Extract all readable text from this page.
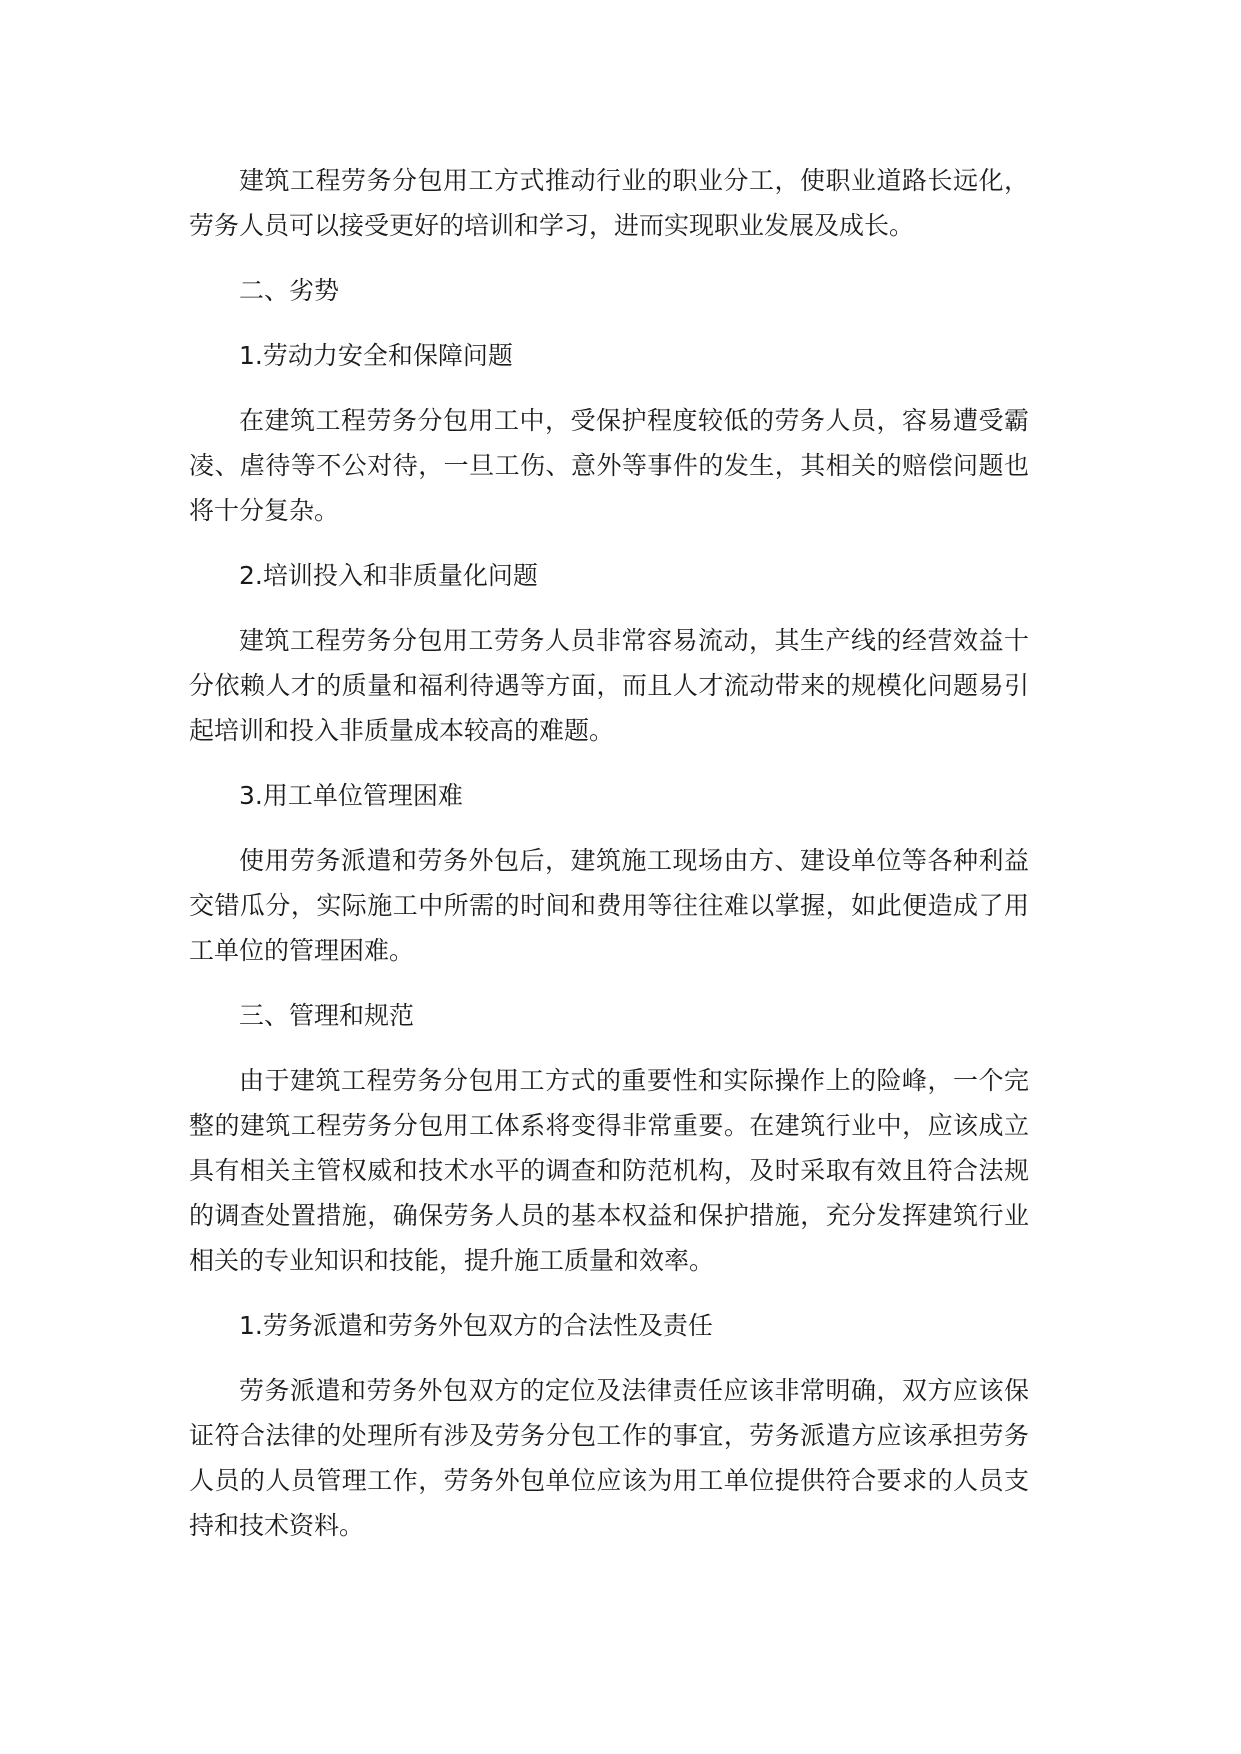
建筑工程劳务分包用工方式推动行业的职业分工，使职业道路长远化，劳务人员可以接受更好的培训和学习，进而实现职业发展及成长。

二、劣势

1.劳动力安全和保障问题

在建筑工程劳务分包用工中，受保护程度较低的劳务人员，容易遭受霸凌、虐待等不公对待，一旦工伤、意外等事件的发生，其相关的赔偿问题也将十分复杂。

2.培训投入和非质量化问题

建筑工程劳务分包用工劳务人员非常容易流动，其生产线的经营效益十分依赖人才的质量和福利待遇等方面，而且人才流动带来的规模化问题易引起培训和投入非质量成本较高的难题。

3.用工单位管理困难

使用劳务派遣和劳务外包后，建筑施工现场由方、建设单位等各种利益交错瓜分，实际施工中所需的时间和费用等往往难以掌握，如此便造成了用工单位的管理困难。

三、管理和规范

由于建筑工程劳务分包用工方式的重要性和实际操作上的险峰，一个完整的建筑工程劳务分包用工体系将变得非常重要。在建筑行业中，应该成立具有相关主管权威和技术水平的调查和防范机构，及时采取有效且符合法规的调查处置措施，确保劳务人员的基本权益和保护措施，充分发挥建筑行业相关的专业知识和技能，提升施工质量和效率。

1.劳务派遣和劳务外包双方的合法性及责任

劳务派遣和劳务外包双方的定位及法律责任应该非常明确，双方应该保证符合法律的处理所有涉及劳务分包工作的事宜，劳务派遣方应该承担劳务人员的人员管理工作，劳务外包单位应该为用工单位提供符合要求的人员支持和技术资料。
